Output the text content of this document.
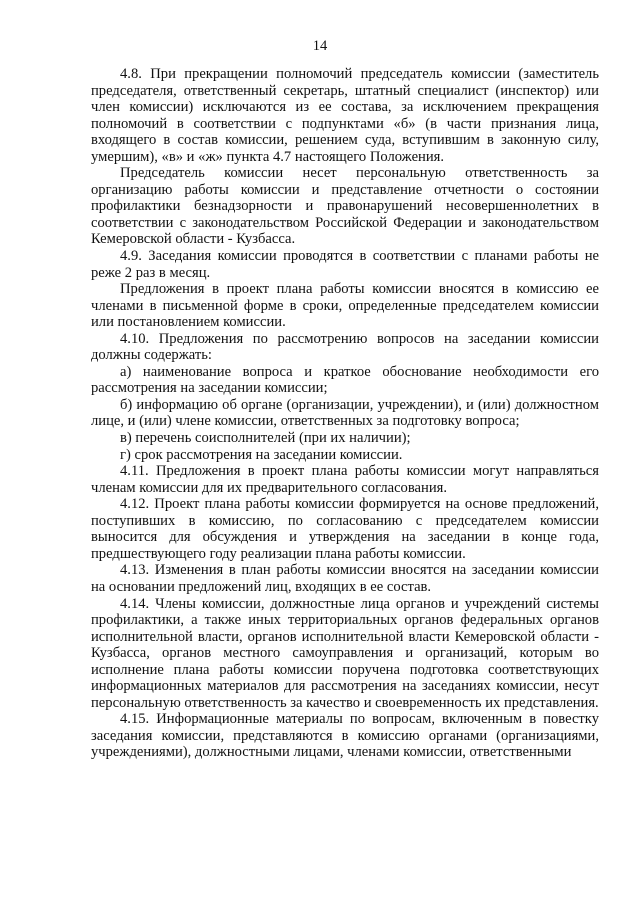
14

4.8. При прекращении полномочий председатель комиссии (заместитель председателя, ответственный секретарь, штатный специалист (инспектор) или член комиссии) исключаются из ее состава, за исключением прекращения полномочий в соответствии с подпунктами «б» (в части признания лица, входящего в состав комиссии, решением суда, вступившим в законную силу, умершим), «в» и «ж» пункта 4.7 настоящего Положения.

Председатель комиссии несет персональную ответственность за организацию работы комиссии и представление отчетности о состоянии профилактики безнадзорности и правонарушений несовершеннолетних в соответствии с законодательством Российской Федерации и законодательством Кемеровской области - Кузбасса.

4.9. Заседания комиссии проводятся в соответствии с планами работы не реже 2 раз в месяц.

Предложения в проект плана работы комиссии вносятся в комиссию ее членами в письменной форме в сроки, определенные председателем комиссии или постановлением комиссии.

4.10. Предложения по рассмотрению вопросов на заседании комиссии должны содержать:

а) наименование вопроса и краткое обоснование необходимости его рассмотрения на заседании комиссии;

б) информацию об органе (организации, учреждении), и (или) должностном лице, и (или) члене комиссии, ответственных за подготовку вопроса;

в) перечень соисполнителей (при их наличии);

г) срок рассмотрения на заседании комиссии.

4.11. Предложения в проект плана работы комиссии могут направляться членам комиссии для их предварительного согласования.

4.12. Проект плана работы комиссии формируется на основе предложений, поступивших в комиссию, по согласованию с председателем комиссии выносится для обсуждения и утверждения на заседании в конце года, предшествующего году реализации плана работы комиссии.

4.13. Изменения в план работы комиссии вносятся на заседании комиссии на основании предложений лиц, входящих в ее состав.

4.14. Члены комиссии, должностные лица органов и учреждений системы профилактики, а также иных территориальных органов федеральных органов исполнительной власти, органов исполнительной власти Кемеровской области - Кузбасса, органов местного самоуправления и организаций, которым во исполнение плана работы комиссии поручена подготовка соответствующих информационных материалов для рассмотрения на заседаниях комиссии, несут персональную ответственность за качество и своевременность их представления.

4.15. Информационные материалы по вопросам, включенным в повестку заседания комиссии, представляются в комиссию органами (организациями, учреждениями), должностными лицами, членами комиссии, ответственными
